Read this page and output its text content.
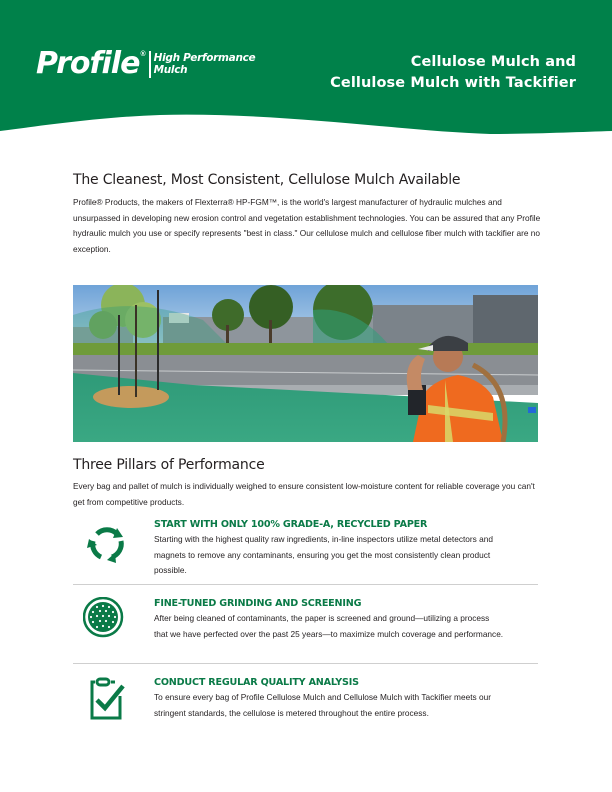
Profile ® High Performance
Mulch	Cellulose Mulch and
Cellulose Mulch with Tackifier
The Cleanest, Most Consistent, Cellulose Mulch Available
Profile® Products, the makers of Flexterra® HP-FGM™, is the world's largest manufacturer of hydraulic mulches and unsurpassed in developing new erosion control and vegetation establishment technologies. You can be assured that any Profile hydraulic mulch you use or specify represents "best in class." Our cellulose mulch and cellulose fiber mulch with tackifier are no exception.
Three Pillars of Performance
Every bag and pallet of mulch is individually weighed to ensure consistent low-moisture content for reliable coverage you can't get from competitive products.
START WITH ONLY 100% GRADE-A, RECYCLED PAPER
Starting with the highest quality raw ingredients, in-line inspectors utilize metal detectors and magnets to remove any contaminants, ensuring you get the most consistently clean product possible.
FINE-TUNED GRINDING AND SCREENING
After being cleaned of contaminants, the paper is screened and ground—utilizing a process that we have perfected over the past 25 years—to maximize mulch coverage and performance.
CONDUCT REGULAR QUALITY ANALYSIS
To ensure every bag of Profile Cellulose Mulch and Cellulose Mulch with Tackifier meets our stringent standards, the cellulose is metered throughout the entire process.
